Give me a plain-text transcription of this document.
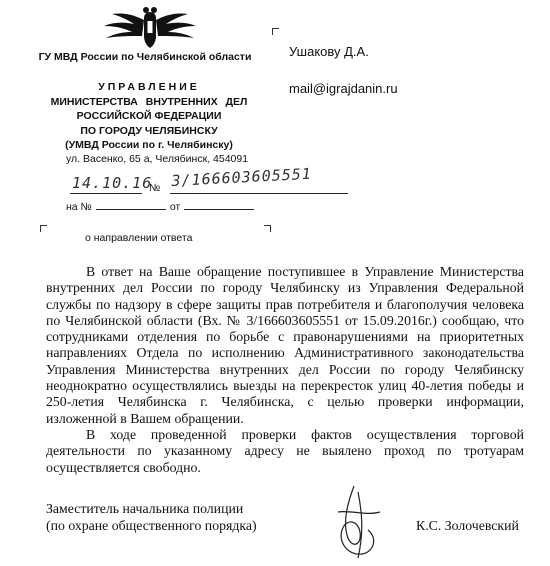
ГУ МВД России по Челябинской области
УПРАВЛЕНИЕ
МИНИСТЕРСТВА ВНУТРЕННИХ ДЕЛ
РОССИЙСКОЙ ФЕДЕРАЦИИ
ПО ГОРОДУ ЧЕЛЯБИНСКУ
(УМВД России по г. Челябинску)
ул. Васенко, 65 а, Челябинск, 454091
14.10.16
№ 3/166603605551
на №	от
о направлении ответа
Ушакову Д.А.
mail@igrajdanin.ru

В ответ на Ваше обращение поступившее в Управление Министерства внутренних дел России по городу Челябинску из Управления Федеральной службы по надзору в сфере защиты прав потребителя и благополучия человека по Челябинской области (Вх. № 3/166603605551 от 15.09.2016г.) сообщаю, что сотрудниками отделения по борьбе с правонарушениями на приоритетных направлениях Отдела по исполнению Административного законодательства Управления Министерства внутренних дел России по городу Челябинску неоднократно осуществлялись выезды на перекресток улиц 40-летия победы и 250-летия Челябинска г. Челябинска, с целью проверки информации, изложенной в Вашем обращении.

В ходе проведенной проверки фактов осуществления торговой деятельности по указанному адресу не выялено проход по тротуарам осуществляется свободно.

Заместитель начальника полиции
(по охране общественного порядка)	К.С. Золочевский
